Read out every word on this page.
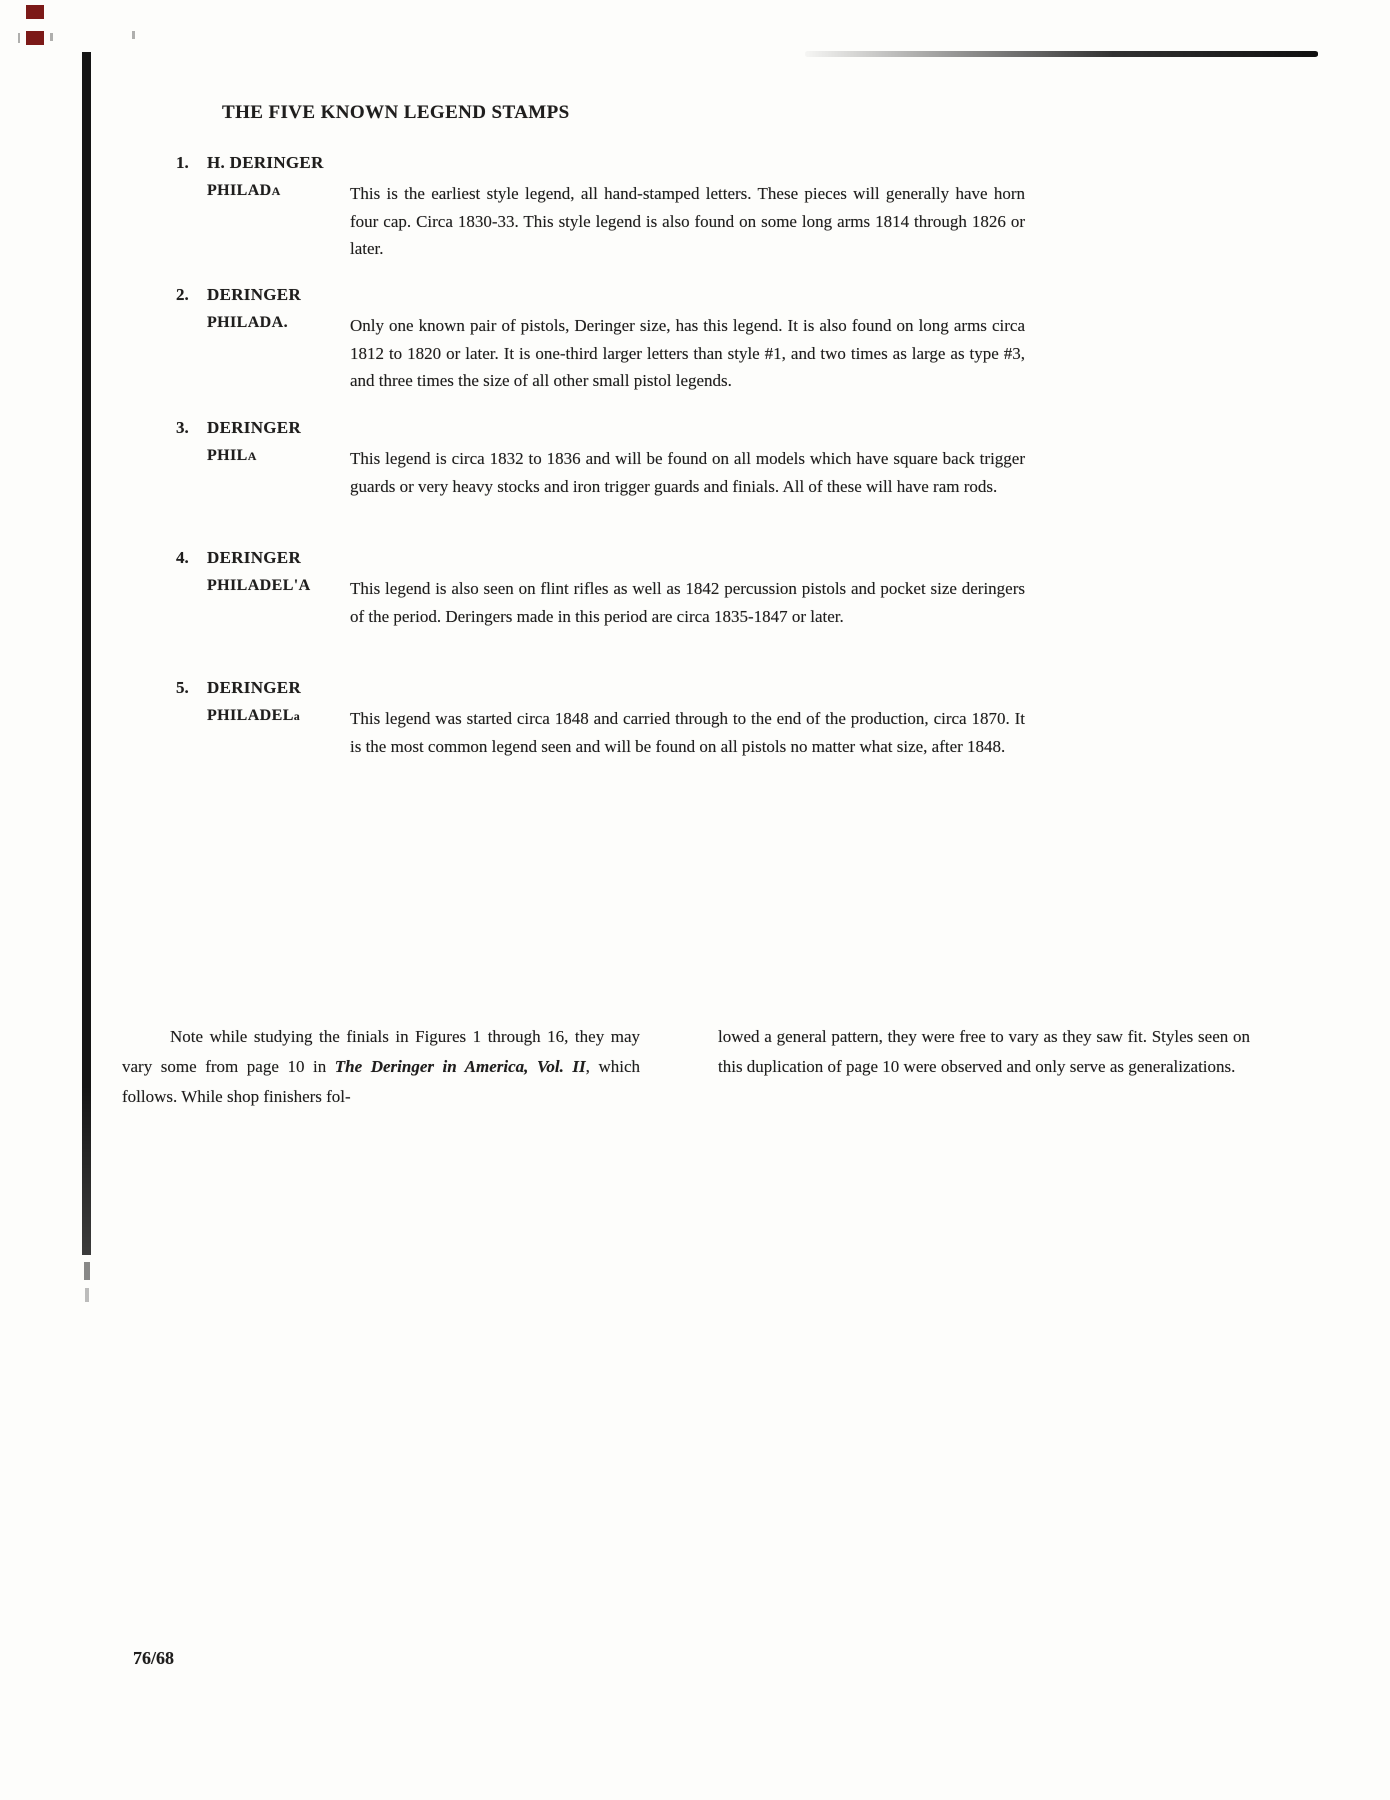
THE FIVE KNOWN LEGEND STAMPS
1.	H. DERINGER
PHILADA	This is the earliest style legend, all hand-stamped letters. These pieces will generally have horn four cap. Circa 1830-33. This style legend is also found on some long arms 1814 through 1826 or later.
2.	DERINGER
PHILADA.	Only one known pair of pistols, Deringer size, has this legend. It is also found on long arms circa 1812 to 1820 or later. It is one-third larger letters than style #1, and two times as large as type #3, and three times the size of all other small pistol legends.
3.	DERINGER
PHILA	This legend is circa 1832 to 1836 and will be found on all models which have square back trigger guards or very heavy stocks and iron trigger guards and finials. All of these will have ram rods.
4.	DERINGER
PHILADEL'A	This legend is also seen on flint rifles as well as 1842 percussion pistols and pocket size deringers of the period. Deringers made in this period are circa 1835-1847 or later.
5.	DERINGER
PHILADELa	This legend was started circa 1848 and carried through to the end of the production, circa 1870. It is the most common legend seen and will be found on all pistols no matter what size, after 1848.

Note while studying the finials in Figures 1 through 16, they may vary some from page 10 in The Deringer in America, Vol. II, which follows. While shop finishers fol-

lowed a general pattern, they were free to vary as they saw fit. Styles seen on this duplication of page 10 were observed and only serve as generalizations.

76/68
